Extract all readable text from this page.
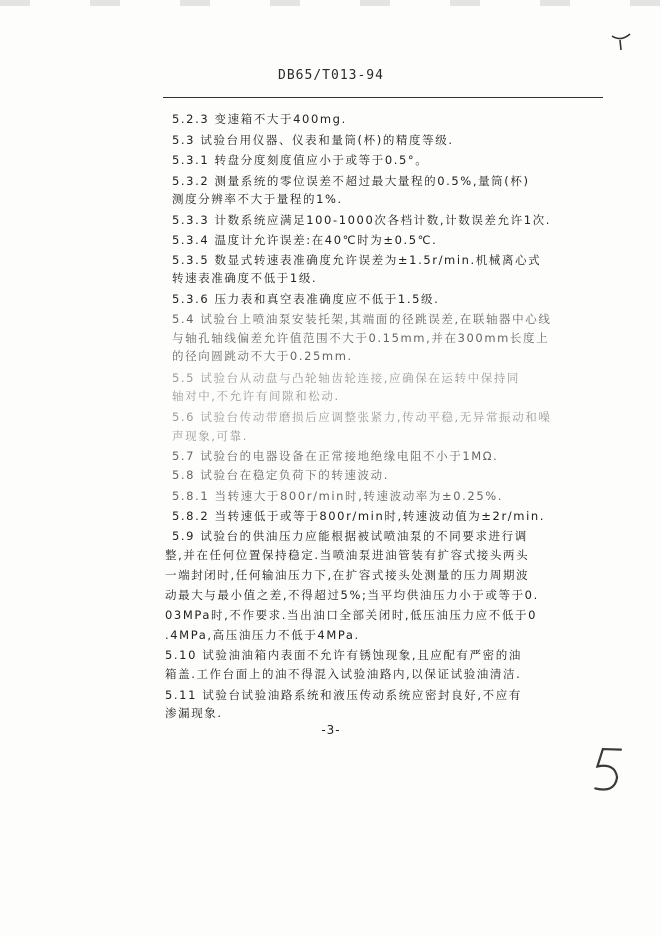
DB65/T013-94
5.2.3 变速箱不大于400mg.
5.3 试验台用仪器、仪表和量筒(杯)的精度等级.
5.3.1 转盘分度刻度值应小于或等于0.5°。
5.3.2 测量系统的零位误差不超过最大量程的0.5%,量筒(杯)
测度分辨率不大于量程的1%.
5.3.3 计数系统应满足100-1000次各档计数,计数误差允许1次.
5.3.4 温度计允许误差:在40℃时为±0.5℃.
5.3.5 数显式转速表准确度允许误差为±1.5r/min.机械离心式
转速表准确度不低于1级.
5.3.6 压力表和真空表准确度应不低于1.5级.
5.4 试验台上喷油泵安装托架,其端面的径跳误差,在联轴器中心线
与轴孔轴线偏差允许值范围不大于0.15mm,并在300mm长度上
的径向圆跳动不大于0.25mm.
5.5 试验台从动盘与凸轮轴齿轮连接,应确保在运转中保持同
轴对中,不允许有间隙和松动.
5.6 试验台传动带磨损后应调整张紧力,传动平稳,无异常振动和噪
声现象,可靠.
5.7 试验台的电器设备在正常接地绝缘电阻不小于1MΩ.
5.8 试验台在稳定负荷下的转速波动.
5.8.1 当转速大于800r/min时,转速波动率为±0.25%.
5.8.2 当转速低于或等于800r/min时,转速波动值为±2r/min.
5.9 试验台的供油压力应能根据被试喷油泵的不同要求进行调
整,并在任何位置保持稳定.当喷油泵进油管装有扩容式接头两头
一端封闭时,任何输油压力下,在扩容式接头处测量的压力周期波
动最大与最小值之差,不得超过5%;当平均供油压力小于或等于0.
03MPa时,不作要求.当出油口全部关闭时,低压油压力应不低于0
.4MPa,高压油压力不低于4MPa.
5.10 试验油油箱内表面不允许有锈蚀现象,且应配有严密的油
箱盖.工作台面上的油不得混入试验油路内,以保证试验油清洁.
5.11 试验台试验油路系统和液压传动系统应密封良好,不应有
渗漏现象.
-3-
